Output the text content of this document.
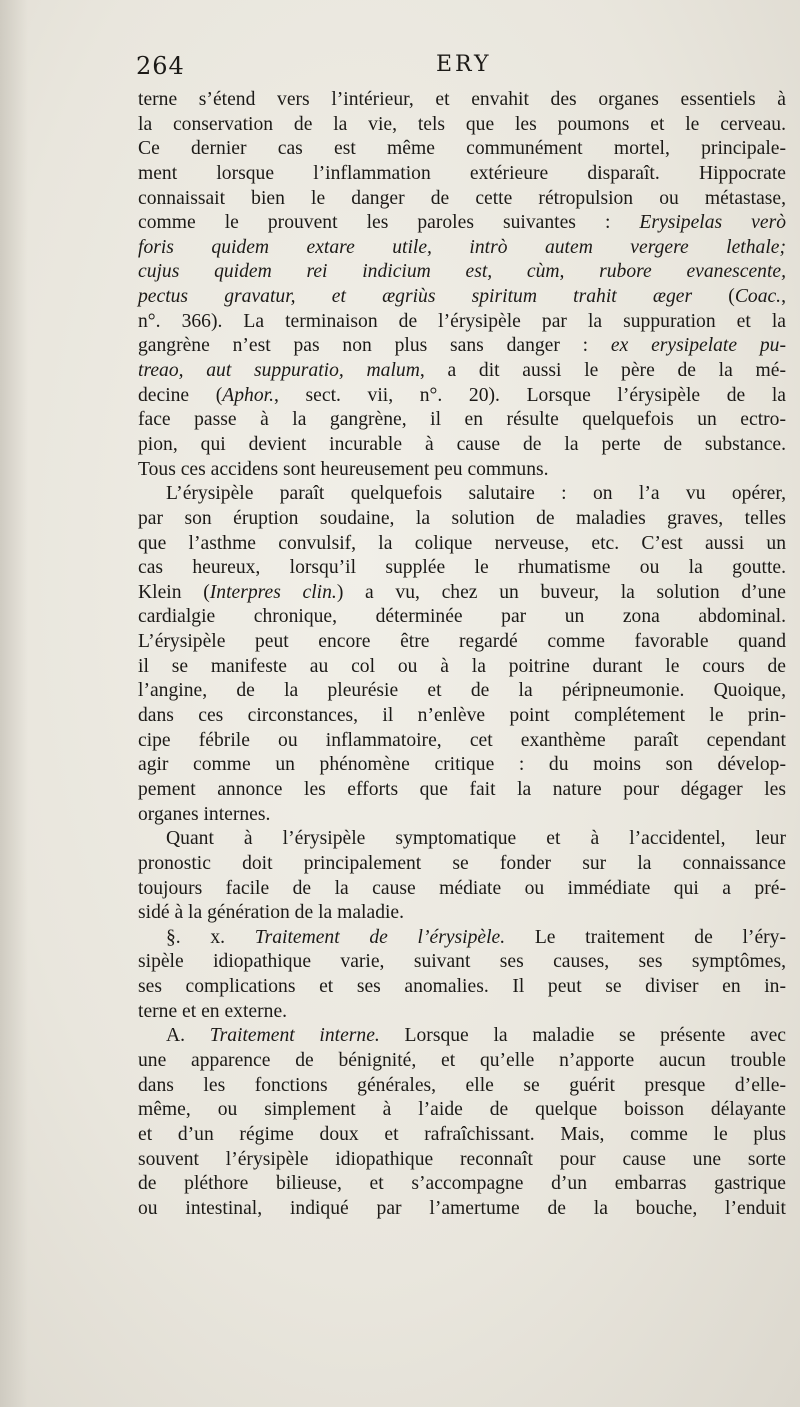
264	ERY
terne s’étend vers l’intérieur, et envahit des organes essentiels à
la conservation de la vie, tels que les poumons et le cerveau.
Ce dernier cas est même communément mortel, principale-
ment lorsque l’inflammation extérieure disparaît. Hippocrate
connaissait bien le danger de cette rétropulsion ou métastase,
comme le prouvent les paroles suivantes : Erysipelas verò
foris quidem extare utile, intrò autem vergere lethale;
cujus quidem rei indicium est, cùm, rubore evanescente,
pectus gravatur, et ægriùs spiritum trahit æger (Coac.,
n°. 366). La terminaison de l’érysipèle par la suppuration et la
gangrène n’est pas non plus sans danger : ex erysipelate pu-
treao, aut suppuratio, malum, a dit aussi le père de la mé-
decine (Aphor., sect. vii, n°. 20). Lorsque l’érysipèle de la
face passe à la gangrène, il en résulte quelquefois un ectro-
pion, qui devient incurable à cause de la perte de substance.
Tous ces accidens sont heureusement peu communs.
L’érysipèle paraît quelquefois salutaire : on l’a vu opérer,
par son éruption soudaine, la solution de maladies graves, telles
que l’asthme convulsif, la colique nerveuse, etc. C’est aussi un
cas heureux, lorsqu’il supplée le rhumatisme ou la goutte.
Klein (Interpres clin.) a vu, chez un buveur, la solution d’une
cardialgie chronique, déterminée par un zona abdominal.
L’érysipèle peut encore être regardé comme favorable quand
il se manifeste au col ou à la poitrine durant le cours de
l’angine, de la pleurésie et de la péripneumonie. Quoique,
dans ces circonstances, il n’enlève point complétement le prin-
cipe fébrile ou inflammatoire, cet exanthème paraît cependant
agir comme un phénomène critique : du moins son dévelop-
pement annonce les efforts que fait la nature pour dégager les
organes internes.
Quant à l’érysipèle symptomatique et à l’accidentel, leur
pronostic doit principalement se fonder sur la connaissance
toujours facile de la cause médiate ou immédiate qui a pré-
sidé à la génération de la maladie.
§. x. Traitement de l’érysipèle. Le traitement de l’éry-
sipèle idiopathique varie, suivant ses causes, ses symptômes,
ses complications et ses anomalies. Il peut se diviser en in-
terne et en externe.
A. Traitement interne. Lorsque la maladie se présente avec
une apparence de bénignité, et qu’elle n’apporte aucun trouble
dans les fonctions générales, elle se guérit presque d’elle-
même, ou simplement à l’aide de quelque boisson délayante
et d’un régime doux et rafraîchissant. Mais, comme le plus
souvent l’érysipèle idiopathique reconnaît pour cause une sorte
de pléthore bilieuse, et s’accompagne d’un embarras gastrique
ou intestinal, indiqué par l’amertume de la bouche, l’enduit
